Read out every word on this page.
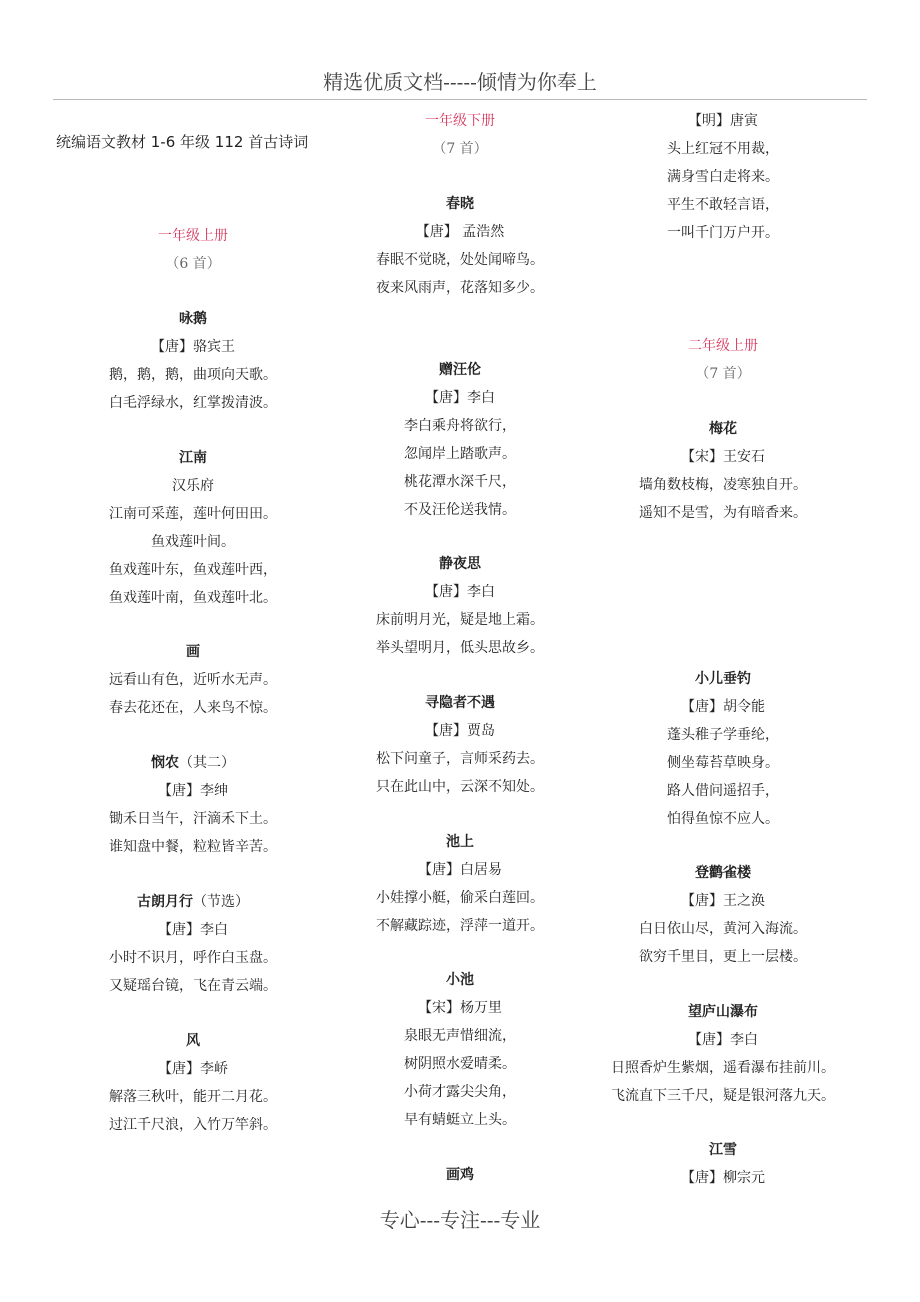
精选优质文档-----倾情为你奉上
统编语文教材 1-6 年级 112 首古诗词
一年级上册
（6 首）
咏鹅
【唐】骆宾王
鹅，鹅，鹅，曲项向天歌。
白毛浮绿水，红掌拨清波。
江南
汉乐府
江南可采莲，莲叶何田田。
鱼戏莲叶间。
鱼戏莲叶东，鱼戏莲叶西，
鱼戏莲叶南，鱼戏莲叶北。
画
远看山有色，近听水无声。
春去花还在，人来鸟不惊。
悯农（其二）
【唐】李绅
锄禾日当午，汗滴禾下土。
谁知盘中餐，粒粒皆辛苦。
古朗月行（节选）
【唐】李白
小时不识月，呼作白玉盘。
又疑瑶台镜，飞在青云端。
风
【唐】李峤
解落三秋叶，能开二月花。
过江千尺浪，入竹万竿斜。
一年级下册
（7 首）
春晓
【唐】 孟浩然
春眠不觉晓，处处闻啼鸟。
夜来风雨声，花落知多少。
赠汪伦
【唐】李白
李白乘舟将欲行，
忽闻岸上踏歌声。
桃花潭水深千尺，
不及汪伦送我情。
静夜思
【唐】李白
床前明月光，疑是地上霜。
举头望明月，低头思故乡。
寻隐者不遇
【唐】贾岛
松下问童子，言师采药去。
只在此山中，云深不知处。
池上
【唐】白居易
小娃撑小艇，偷采白莲回。
不解藏踪迹，浮萍一道开。
小池
【宋】杨万里
泉眼无声惜细流，
树阴照水爱晴柔。
小荷才露尖尖角，
早有蜻蜓立上头。
画鸡
【明】唐寅
头上红冠不用裁，
满身雪白走将来。
平生不敢轻言语，
一叫千门万户开。
二年级上册
（7 首）
梅花
【宋】王安石
墙角数枝梅，凌寒独自开。
遥知不是雪，为有暗香来。
小儿垂钓
【唐】胡令能
蓬头稚子学垂纶，
侧坐莓苔草映身。
路人借问遥招手，
怕得鱼惊不应人。
登鹳雀楼
【唐】王之涣
白日依山尽，黄河入海流。
欲穷千里目，更上一层楼。
望庐山瀑布
【唐】李白
日照香炉生紫烟，遥看瀑布挂前川。
飞流直下三千尺，疑是银河落九天。
江雪
【唐】柳宗元
专心---专注---专业
